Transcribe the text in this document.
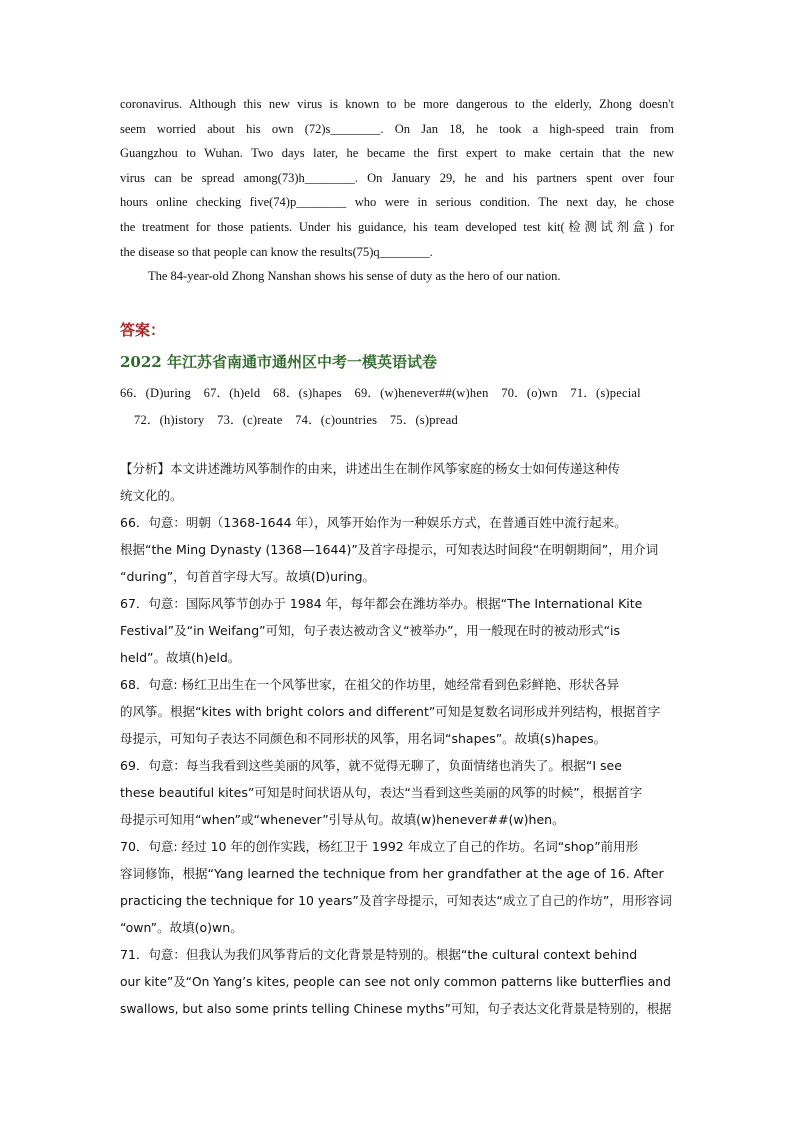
coronavirus. Although this new virus is known to be more dangerous to the elderly, Zhong doesn't
seem worried about his own (72)s________. On Jan 18, he took a high-speed train from
Guangzhou to Wuhan. Two days later, he became the first expert to make certain that the new
virus can be spread among(73)h________. On January 29, he and his partners spent over four
hours online checking five(74)p________ who were in serious condition. The next day, he chose
the treatment for those patients. Under his guidance, his team developed test kit(检测试剂盒) for
the disease so that people can know the results(75)q________.
The 84-year-old Zhong Nanshan shows his sense of duty as the hero of our nation.
答案：
2022 年江苏省南通市通州区中考一模英语试卷
66．(D)uring　67．(h)eld　68．(s)hapes　69．(w)henever##(w)hen　70．(o)wn　71．(s)pecial
72．(h)istory　73．(c)reate　74．(c)ountries　75．(s)pread
【分析】本文讲述潍坊风筝制作的由来，讲述出生在制作风筝家庭的杨女士如何传递这种传
统文化的。
66．句意：明朝（1368-1644 年），风筝开始作为一种娱乐方式，在普通百姓中流行起来。
根据“the Ming Dynasty (1368—1644)”及首字母提示，可知表达时间段“在明朝期间”，用介词
“during”，句首首字母大写。故填(D)uring。
67．句意：国际风筝节创办于 1984 年，每年都会在潍坊举办。根据“The International Kite
Festival”及“in Weifang”可知，句子表达被动含义“被举办”，用一般现在时的被动形式“is
held”。故填(h)eld。
68．句意: 杨红卫出生在一个风筝世家，在祖父的作坊里，她经常看到色彩鲜艳、形状各异
的风筝。根据“kites with bright colors and different”可知是复数名词形成并列结构，根据首字
母提示，可知句子表达不同颜色和不同形状的风筝，用名词“shapes”。故填(s)hapes。
69．句意：每当我看到这些美丽的风筝，就不觉得无聊了，负面情绪也消失了。根据“I see
these beautiful kites”可知是时间状语从句，表达“当看到这些美丽的风筝的时候”，根据首字
母提示可知用“when”或“whenever”引导从句。故填(w)henever##(w)hen。
70．句意: 经过 10 年的创作实践，杨红卫于 1992 年成立了自己的作坊。名词“shop”前用形
容词修饰，根据“Yang learned the technique from her grandfather at the age of 16. After
practicing the technique for 10 years”及首字母提示，可知表达“成立了自己的作坊”，用形容词
“own”。故填(o)wn。
71．句意：但我认为我们风筝背后的文化背景是特别的。根据“the cultural context behind
our kite”及“On Yang’s kites, people can see not only common patterns like butterflies and
swallows, but also some prints telling Chinese myths”可知，句子表达文化背景是特别的，根据
